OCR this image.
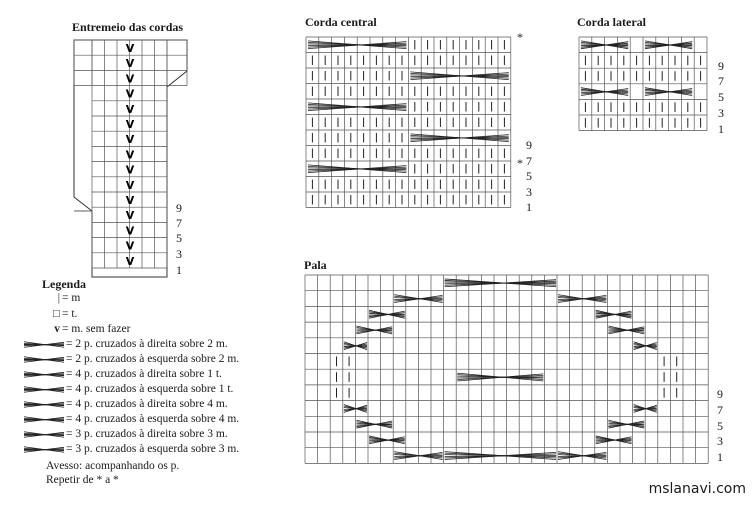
V
V
V
V
V
V
V
V
V
V
V
V
V
V
V
Entremeio das cordas	Corda central	Corda lateral
Pala
9
7
5
3
1
9
7
5
3
1
*
*
9
7
5
3
1
9
7
5
3
1
Legenda
| = m
□ = t.
v = m. sem fazer
= 2 p. cruzados à direita sobre 2 m.
= 2 p. cruzados à esquerda sobre 2 m.
= 4 p. cruzados à direita sobre 1 t.
= 4 p. cruzados à esquerda sobre 1 t.
= 4 p. cruzados à direita sobre 4 m.
= 4 p. cruzados à esquerda sobre 4 m.
= 3 p. cruzados à direita sobre 3 m.
= 3 p. cruzados à esquerda sobre 3 m.
Avesso: acompanhando os p.
Repetir de * a *
mslanavi.com
